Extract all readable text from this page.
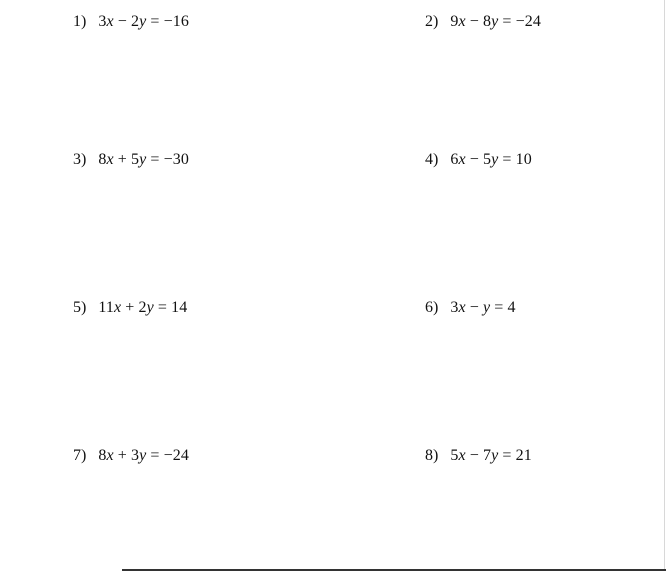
1) 3x − 2y = −16	2) 9x − 8y = −24
3) 8x + 5y = −30	4) 6x − 5y = 10
5) 11x + 2y = 14	6) 3x − y = 4
7) 8x + 3y = −24	8) 5x − 7y = 21
